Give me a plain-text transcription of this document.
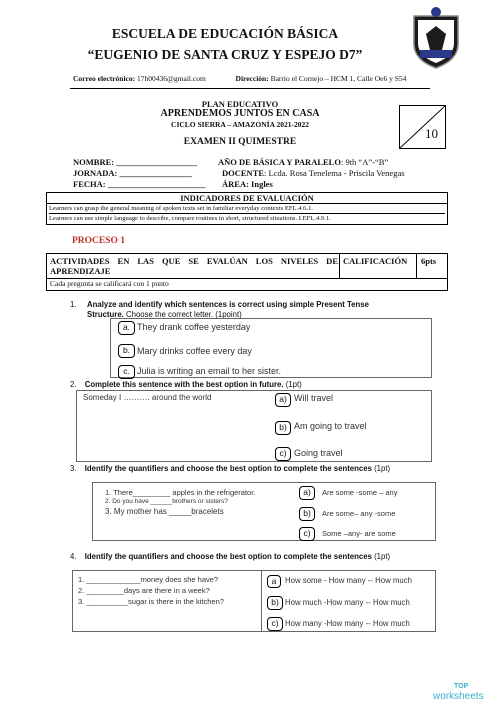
ESCUELA DE EDUCACIÓN BÁSICA
“EUGENIO DE SANTA CRUZ Y ESPEJO D7”
Correo electrónico: 17h00436@gmail.com	Dirección: Barrio el Cornejo – HCM 1, Calle Oe6 y S54
PLAN EDUCATIVO
APRENDEMOS JUNTOS EN CASA
CICLO SIERRA – AMAZONÍA 2021-2022
EXAMEN II QUIMESTRE
10
NOMBRE: ___________________
JORNADA: _________________
FECHA: _______________________
AÑO DE BÁSICA Y PARALELO: 9th “A”-“B”
DOCENTE: Lcda. Rosa Tenelema - Priscila Venegas
ÁREA: Ingles
INDICADORES DE EVALUACIÓN
Learners can grasp the general meaning of spoken texts set in familiar everyday contexts EFL.4.6.1.
Learners can use simple language to describe, compare routines in short, structured situations. I.EFL.4.9.1.
PROCESO 1
ACTIVIDADES EN LAS QUE SE EVALÚAN LOS NIVELES DE APRENDIZAJE
CALIFICACIÓN 6pts
Cada pregunta se calificará con 1 punto
1. Analyze and identify which sentences is correct using simple Present Tense Structure. Choose the correct letter. (1point)
a. They drank coffee yesterday
b. Mary drinks coffee every day
c. Julia is writing an email to her sister.
2. Complete this sentence with the best option in future. (1pt)
Someday I ………. around the world	a) Will travel
b) Am going to travel
c) Going travel
3. Identify the quantifiers and choose the best option to complete the sentences (1pt)
1. There_________ apples in the refrigerator.
2. Do you have ______brothers or sisters?
3. My mother has _____bracelets
a)	Are some -some – any
b)	Are some– any -some
c)	Some –any- are some
4. Identify the quantifiers and choose the best option to complete the sentences (1pt)
1. _____________money does she have?
2. _________days are there in a week?
3. __________sugar is there in the kitchen?
a	How some - How many -- How much
b) How much -How many -- How much
c) How many -How many -- How much
TOP
worksheets
